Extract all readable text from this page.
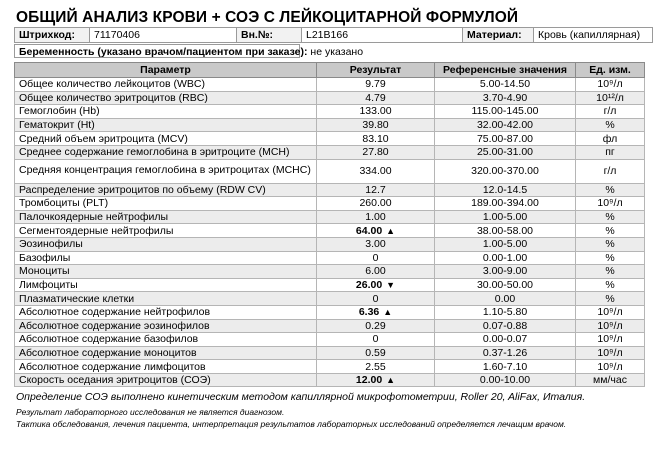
ОБЩИЙ АНАЛИЗ КРОВИ + СОЭ С ЛЕЙКОЦИТАРНОЙ ФОРМУЛОЙ
Штрихкод:	71170406	Вн.№:	L21B166	Материал:	Кровь (капиллярная)
Беременность (указано врачом/пациентом при заказе): не указано
Параметр	Результат	Референсные значения	Ед. изм.
Общее количество лейкоцитов (WBC)	9.79	5.00-14.50	10⁹/л
Общее количество эритроцитов (RBC)	4.79	3.70-4.90	10¹²/л
Гемоглобин (Hb)	133.00	115.00-145.00	г/л
Гематокрит (Ht)	39.80	32.00-42.00	%
Средний объем эритроцита (MCV)	83.10	75.00-87.00	фл
Среднее содержание гемоглобина в эритроците (MCH)	27.80	25.00-31.00	пг
Средняя концентрация гемоглобина в эритроцитах (MCHC)	334.00	320.00-370.00	г/л
Распределение эритроцитов по объему (RDW CV)	12.7	12.0-14.5	%
Тромбоциты (PLT)	260.00	189.00-394.00	10⁹/л
Палочкоядерные нейтрофилы	1.00	1.00-5.00	%
Сегментоядерные нейтрофилы	64.00 ▲	38.00-58.00	%
Эозинофилы	3.00	1.00-5.00	%
Базофилы	0	0.00-1.00	%
Моноциты	6.00	3.00-9.00	%
Лимфоциты	26.00 ▼	30.00-50.00	%
Плазматические клетки	0	0.00	%
Абсолютное содержание нейтрофилов	6.36 ▲	1.10-5.80	10⁹/л
Абсолютное содержание эозинофилов	0.29	0.07-0.88	10⁹/л
Абсолютное содержание базофилов	0	0.00-0.07	10⁹/л
Абсолютное содержание моноцитов	0.59	0.37-1.26	10⁹/л
Абсолютное содержание лимфоцитов	2.55	1.60-7.10	10⁹/л
Скорость оседания эритроцитов (СОЭ)	12.00 ▲	0.00-10.00	мм/час
Определение СОЭ выполнено кинетическим методом капиллярной микрофотометрии, Roller 20, AliFax, Италия.
Результат лабораторного исследования не является диагнозом.
Тактика обследования, лечения пациента, интерпретация результатов лабораторных исследований определяется лечащим врачом.
